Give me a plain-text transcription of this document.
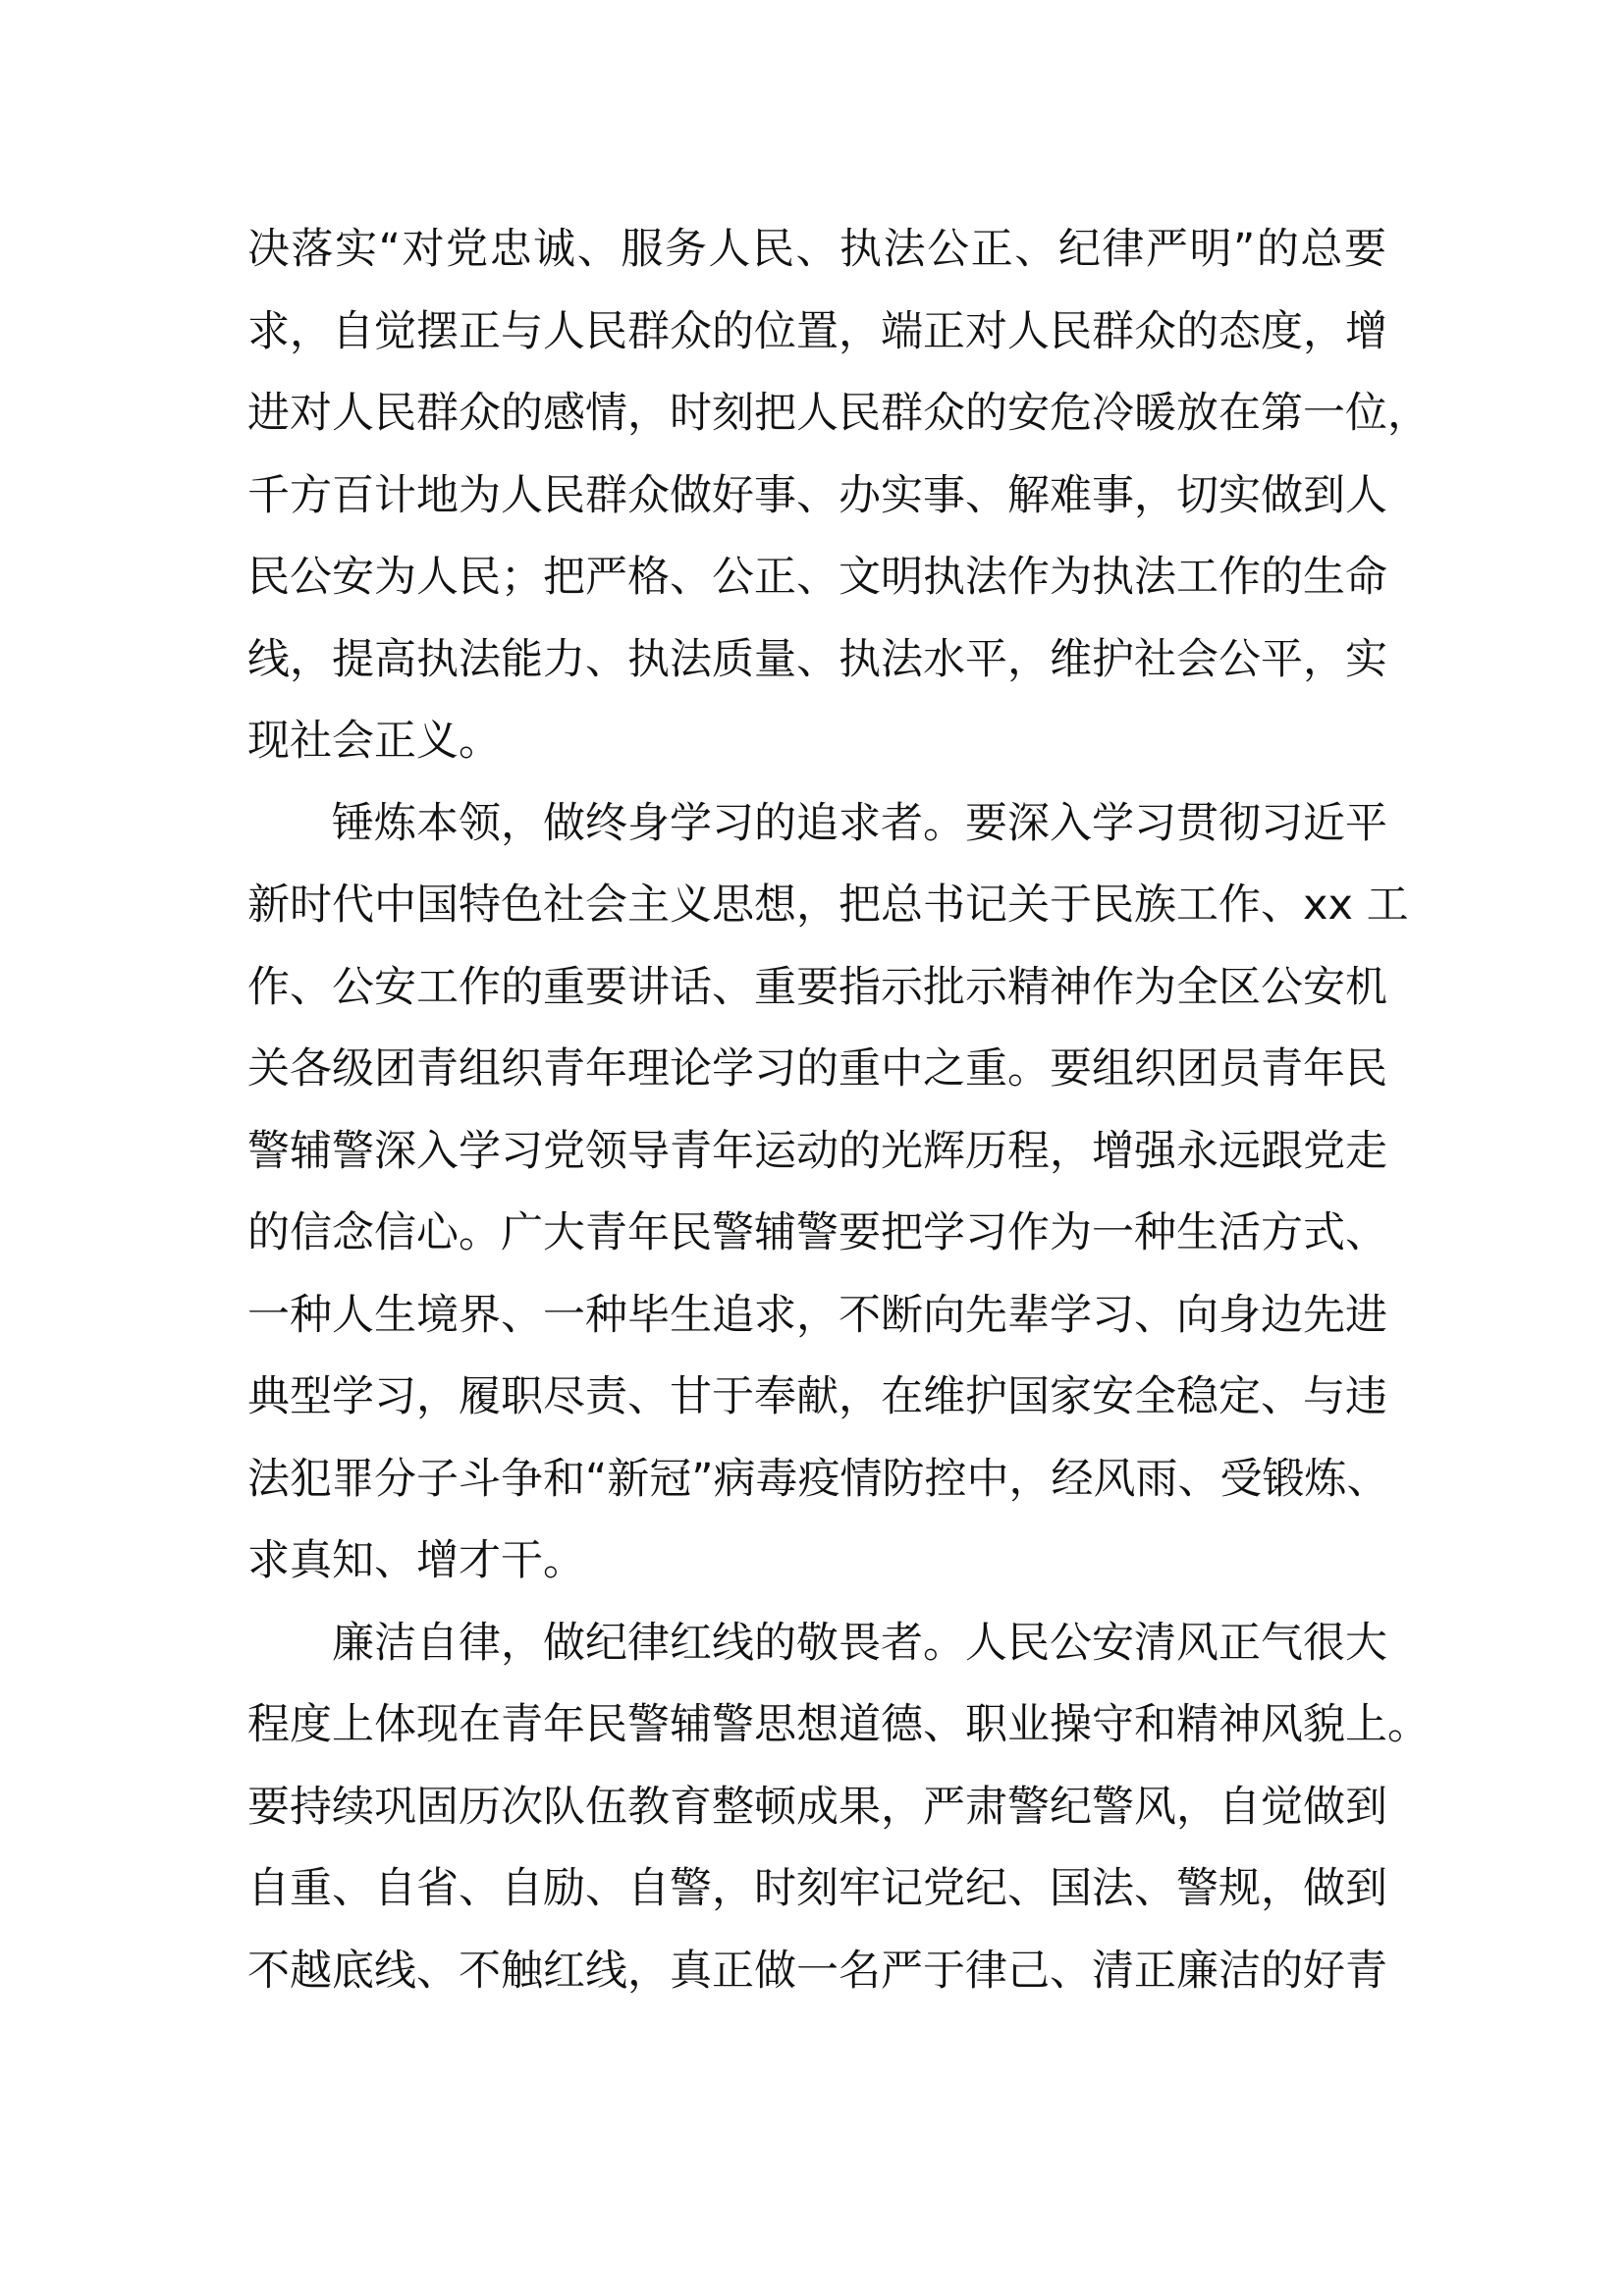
决落实“对党忠诚、服务人民、执法公正、纪律严明”的总要
求，自觉摆正与人民群众的位置，端正对人民群众的态度，增
进对人民群众的感情，时刻把人民群众的安危冷暖放在第一位，
千方百计地为人民群众做好事、办实事、解难事，切实做到人
民公安为人民；把严格、公正、文明执法作为执法工作的生命
线，提高执法能力、执法质量、执法水平，维护社会公平，实
现社会正义。
锤炼本领，做终身学习的追求者。要深入学习贯彻习近平
新时代中国特色社会主义思想，把总书记关于民族工作、xx 工
作、公安工作的重要讲话、重要指示批示精神作为全区公安机
关各级团青组织青年理论学习的重中之重。要组织团员青年民
警辅警深入学习党领导青年运动的光辉历程，增强永远跟党走
的信念信心。广大青年民警辅警要把学习作为一种生活方式、
一种人生境界、一种毕生追求，不断向先辈学习、向身边先进
典型学习，履职尽责、甘于奉献，在维护国家安全稳定、与违
法犯罪分子斗争和“新冠”病毒疫情防控中，经风雨、受锻炼、
求真知、增才干。
廉洁自律，做纪律红线的敬畏者。人民公安清风正气很大
程度上体现在青年民警辅警思想道德、职业操守和精神风貌上。
要持续巩固历次队伍教育整顿成果，严肃警纪警风，自觉做到
自重、自省、自励、自警，时刻牢记党纪、国法、警规，做到
不越底线、不触红线，真正做一名严于律己、清正廉洁的好青
